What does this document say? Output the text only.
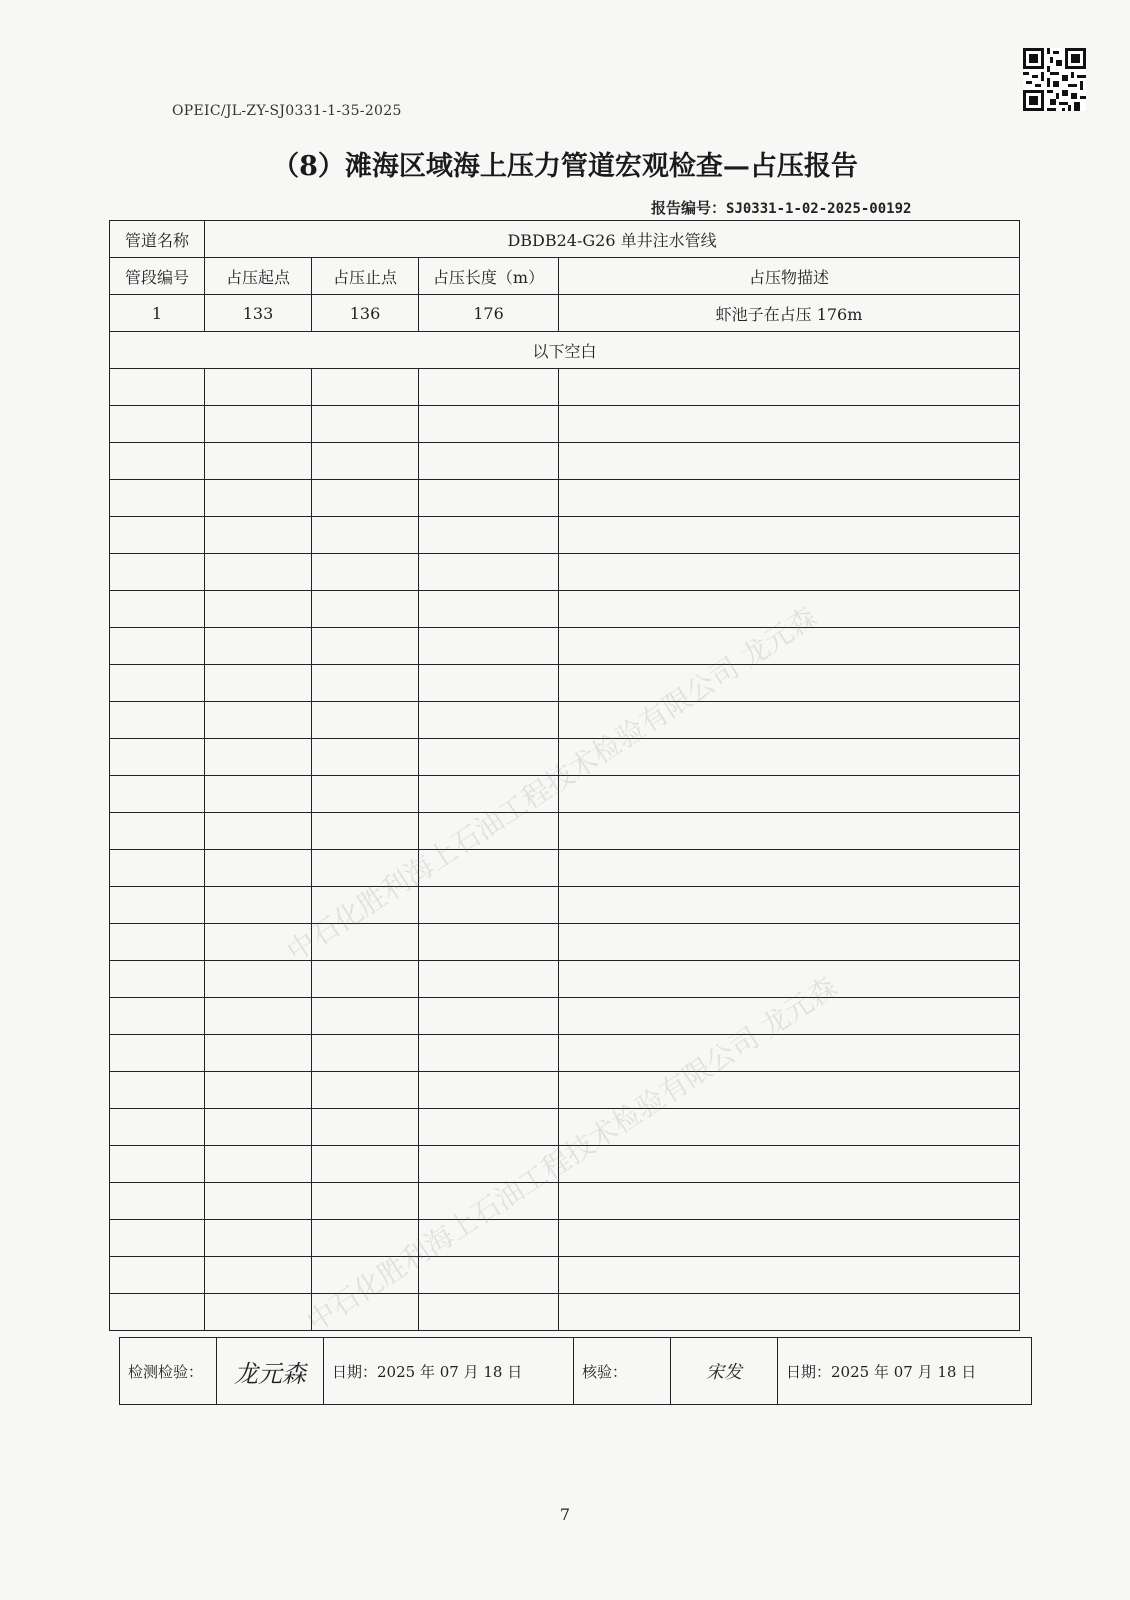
OPEIC/JL-ZY-SJ0331-1-35-2025
（8）滩海区域海上压力管道宏观检查—占压报告
报告编号：SJ0331-1-02-2025-00192
管道名称	DBDB24-G26 单井注水管线			
管段编号	占压起点	占压止点	占压长度（m）	占压物描述
1	133	136	176	虾池子在占压 176m
以下空白				

检测检验：	龙元森	日期：2025 年 07 月 18 日	核验：	宋发	日期：2025 年 07 月 18 日
中石化胜利海上石油工程技术检验有限公司 龙元森
中石化胜利海上石油工程技术检验有限公司 龙元森
7
